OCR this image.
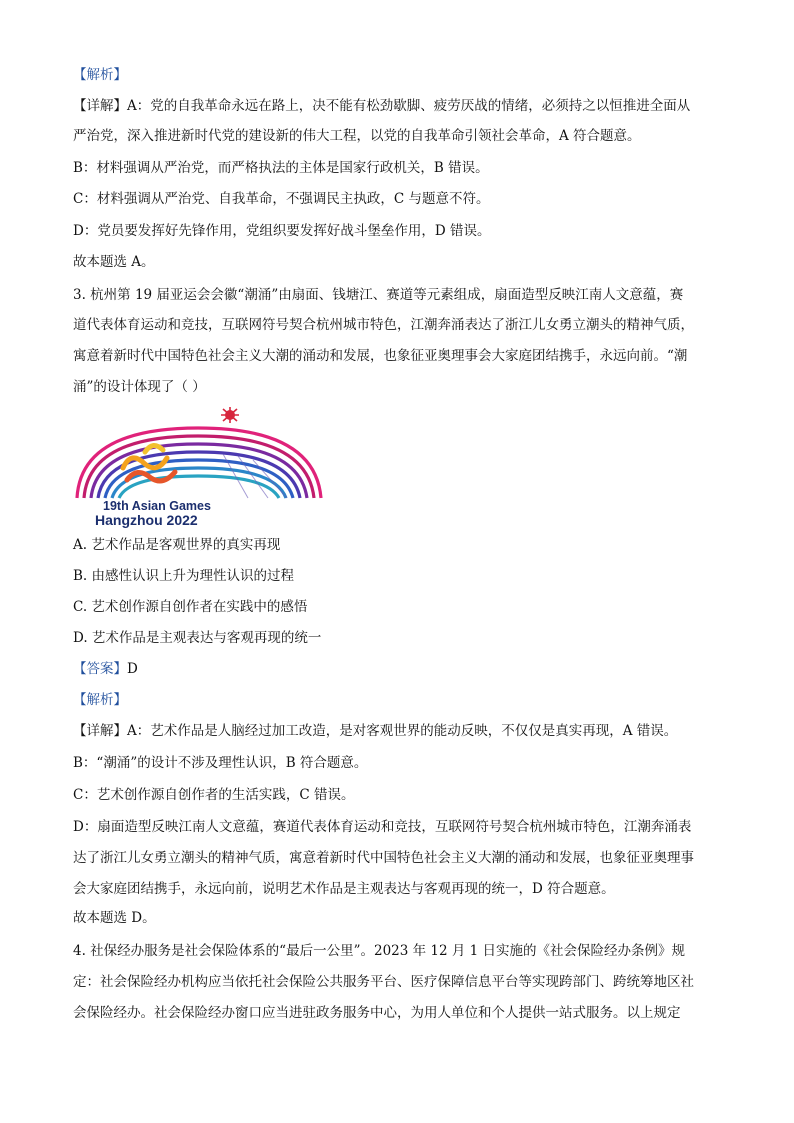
【解析】
【详解】A：党的自我革命永远在路上，决不能有松劲歇脚、疲劳厌战的情绪，必须持之以恒推进全面从
严治党，深入推进新时代党的建设新的伟大工程，以党的自我革命引领社会革命，A 符合题意。
B：材料强调从严治党，而严格执法的主体是国家行政机关，B 错误。
C：材料强调从严治党、自我革命，不强调民主执政，C 与题意不符。
D：党员要发挥好先锋作用，党组织要发挥好战斗堡垒作用，D 错误。
故本题选 A。
3. 杭州第 19 届亚运会会徽“潮涌”由扇面、钱塘江、赛道等元素组成，扇面造型反映江南人文意蕴，赛
道代表体育运动和竞技，互联网符号契合杭州城市特色，江潮奔涌表达了浙江儿女勇立潮头的精神气质，
寓意着新时代中国特色社会主义大潮的涌动和发展，也象征亚奥理事会大家庭团结携手，永远向前。“潮
涌”的设计体现了（ ）
19th Asian Games
Hangzhou 2022
A. 艺术作品是客观世界的真实再现
B. 由感性认识上升为理性认识的过程
C. 艺术创作源自创作者在实践中的感悟
D. 艺术作品是主观表达与客观再现的统一
【答案】D
【解析】
【详解】A：艺术作品是人脑经过加工改造，是对客观世界的能动反映，不仅仅是真实再现，A 错误。
B：“潮涌”的设计不涉及理性认识，B 符合题意。
C：艺术创作源自创作者的生活实践，C 错误。
D：扇面造型反映江南人文意蕴，赛道代表体育运动和竞技，互联网符号契合杭州城市特色，江潮奔涌表
达了浙江儿女勇立潮头的精神气质，寓意着新时代中国特色社会主义大潮的涌动和发展，也象征亚奥理事
会大家庭团结携手，永远向前，说明艺术作品是主观表达与客观再现的统一，D 符合题意。
故本题选 D。
4. 社保经办服务是社会保险体系的“最后一公里”。2023 年 12 月 1 日实施的《社会保险经办条例》规
定：社会保险经办机构应当依托社会保险公共服务平台、医疗保障信息平台等实现跨部门、跨统筹地区社
会保险经办。社会保险经办窗口应当进驻政务服务中心，为用人单位和个人提供一站式服务。以上规定
